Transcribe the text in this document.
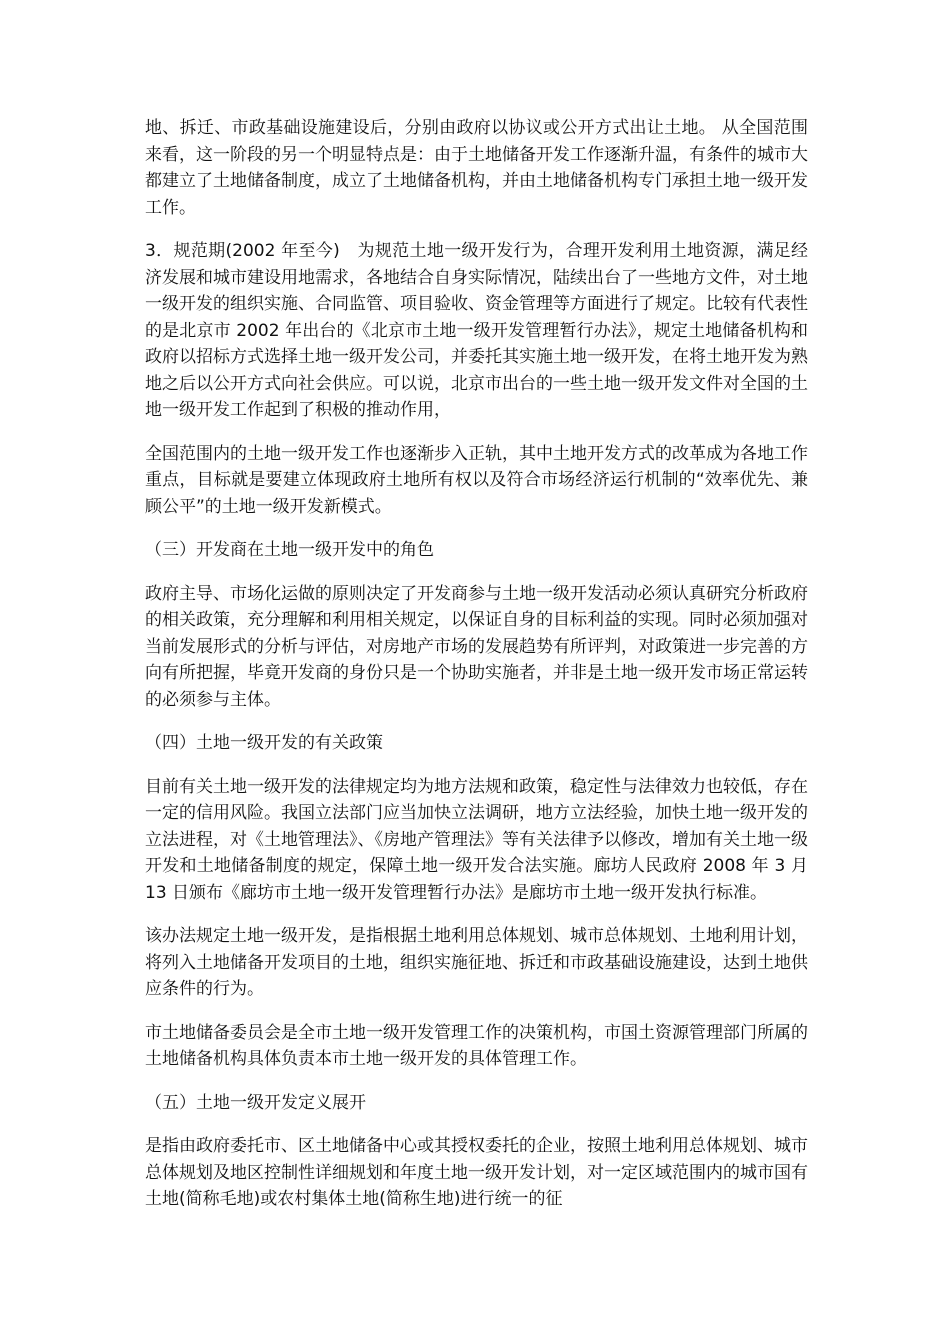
地、拆迁、市政基础设施建设后，分别由政府以协议或公开方式出让土地。 从全国范围来看，这一阶段的另一个明显特点是：由于土地储备开发工作逐渐升温，有条件的城市大都建立了土地储备制度，成立了土地储备机构，并由土地储备机构专门承担土地一级开发工作。

3．规范期(2002 年至今)　为规范土地一级开发行为，合理开发利用土地资源，满足经济发展和城市建设用地需求，各地结合自身实际情况，陆续出台了一些地方文件，对土地一级开发的组织实施、合同监管、项目验收、资金管理等方面进行了规定。比较有代表性的是北京市 2002 年出台的《北京市土地一级开发管理暂行办法》，规定土地储备机构和政府以招标方式选择土地一级开发公司，并委托其实施土地一级开发，在将土地开发为熟地之后以公开方式向社会供应。可以说，北京市出台的一些土地一级开发文件对全国的土地一级开发工作起到了积极的推动作用，

全国范围内的土地一级开发工作也逐渐步入正轨，其中土地开发方式的改革成为各地工作重点，目标就是要建立体现政府土地所有权以及符合市场经济运行机制的“效率优先、兼顾公平”的土地一级开发新模式。

（三）开发商在土地一级开发中的角色

政府主导、市场化运做的原则决定了开发商参与土地一级开发活动必须认真研究分析政府的相关政策，充分理解和利用相关规定，以保证自身的目标利益的实现。同时必须加强对当前发展形式的分析与评估，对房地产市场的发展趋势有所评判，对政策进一步完善的方向有所把握，毕竟开发商的身份只是一个协助实施者，并非是土地一级开发市场正常运转的必须参与主体。

（四）土地一级开发的有关政策

目前有关土地一级开发的法律规定均为地方法规和政策，稳定性与法律效力也较低，存在一定的信用风险。我国立法部门应当加快立法调研，地方立法经验，加快土地一级开发的立法进程，对《土地管理法》、《房地产管理法》等有关法律予以修改，增加有关土地一级开发和土地储备制度的规定，保障土地一级开发合法实施。廊坊人民政府 2008 年 3 月 13 日颁布《廊坊市土地一级开发管理暂行办法》是廊坊市土地一级开发执行标准。

该办法规定土地一级开发，是指根据土地利用总体规划、城市总体规划、土地利用计划，将列入土地储备开发项目的土地，组织实施征地、拆迁和市政基础设施建设，达到土地供应条件的行为。

市土地储备委员会是全市土地一级开发管理工作的决策机构，市国土资源管理部门所属的土地储备机构具体负责本市土地一级开发的具体管理工作。

（五）土地一级开发定义展开

是指由政府委托市、区土地储备中心或其授权委托的企业，按照土地利用总体规划、城市总体规划及地区控制性详细规划和年度土地一级开发计划，对一定区域范围内的城市国有土地(简称毛地)或农村集体土地(简称生地)进行统一的征
